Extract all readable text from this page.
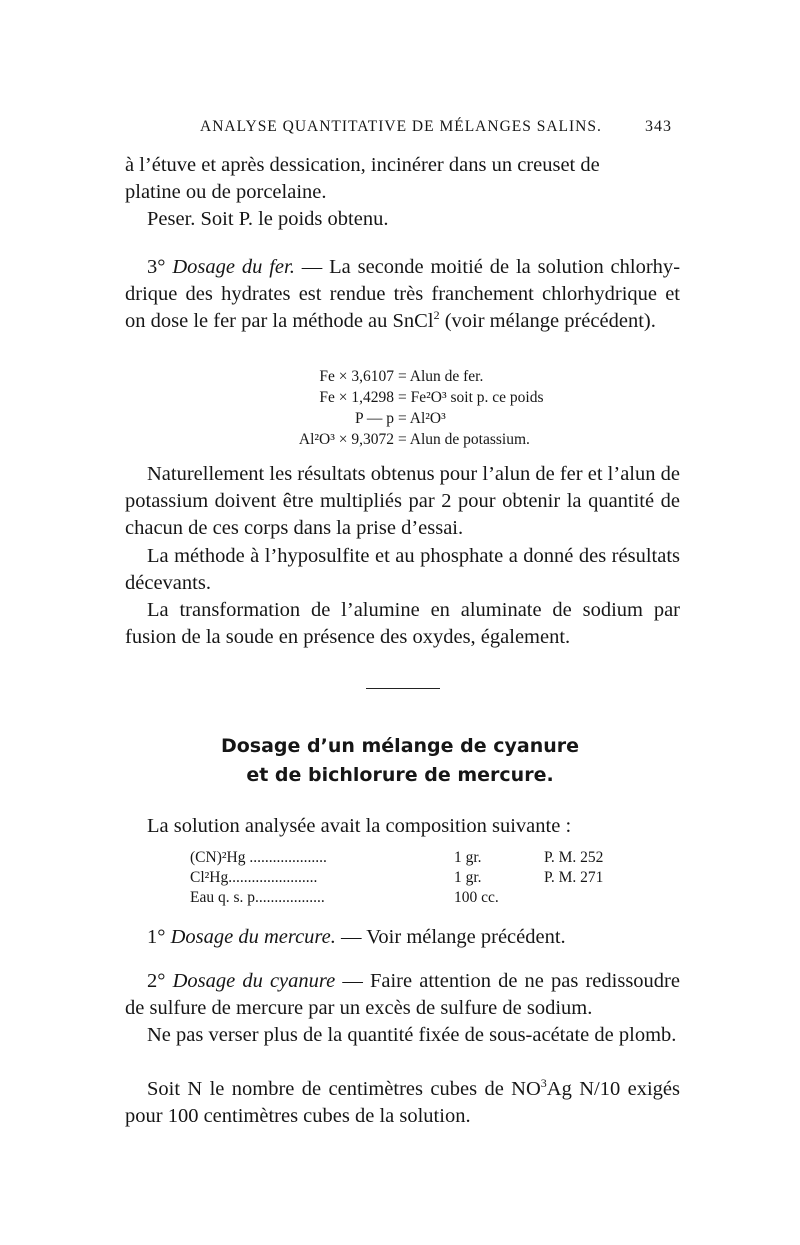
ANALYSE QUANTITATIVE DE MÉLANGES SALINS.	343

à l’étuve et après dessication, incinérer dans un creuset de
platine ou de porcelaine.

Peser. Soit P. le poids obtenu.

3° Dosage du fer. — La seconde moitié de la solution chlorhydrique des hydrates est rendue très franchement chlorhydrique et on dose le fer par la méthode au SnCl$^2$ (voir mélange précédent).

Fe × 3,6107 = Alun de fer.
Fe × 1,4298 = Fe²O³ soit p. ce poids
P — p = Al²O³
Al²O³ × 9,3072 = Alun de potassium.

Naturellement les résultats obtenus pour l’alun de fer et l’alun de potassium doivent être multipliés par 2 pour obtenir la quantité de chacun de ces corps dans la prise d’essai.

La méthode à l’hyposulfite et au phosphate a donné des résultats décevants.

La transformation de l’alumine en aluminate de sodium par fusion de la soude en présence des oxydes, également.

Dosage d’un mélange de cyanure
et de bichlorure de mercure.

La solution analysée avait la composition suivante :

(CN)²Hg ....................	1 gr.	P. M. 252
Cl²Hg.......................	1 gr.	P. M. 271
Eau q. s. p..................	100 cc.

1° Dosage du mercure. — Voir mélange précédent.

2° Dosage du cyanure — Faire attention de ne pas redissoudre de sulfure de mercure par un excès de sulfure de sodium.

Ne pas verser plus de la quantité fixée de sous-acétate de plomb.

Soit N le nombre de centimètres cubes de $NO^3Ag$ N/10 exigés pour 100 centimètres cubes de la solution.
